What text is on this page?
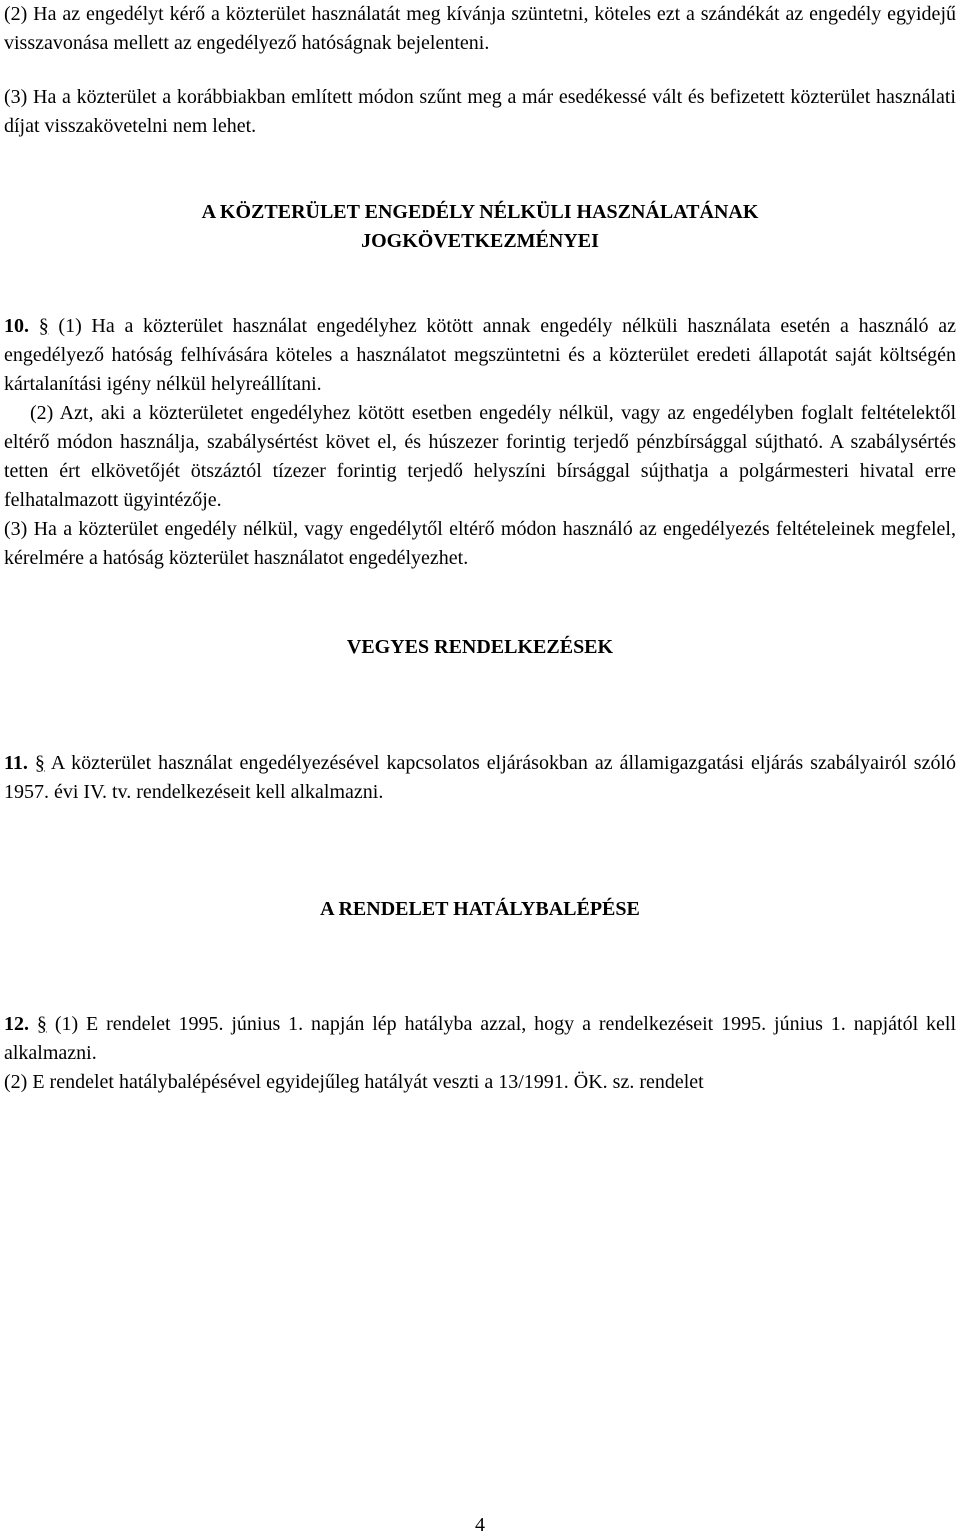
(2) Ha az engedélyt kérő a közterület használatát meg kívánja szüntetni, köteles ezt a szándékát az engedély egyidejű visszavonása mellett az engedélyező hatóságnak bejelenteni.

(3) Ha a közterület a korábbiakban említett módon szűnt meg a már esedékessé vált és befizetett közterület használati díjat visszakövetelni nem lehet.

A KÖZTERÜLET ENGEDÉLY NÉLKÜLI HASZNÁLATÁNAK

JOGKÖVETKEZMÉNYEI

10. § (1) Ha a közterület használat engedélyhez kötött annak engedély nélküli használata esetén a használó az engedélyező hatóság felhívására köteles a használatot megszüntetni és a közterület eredeti állapotát saját költségén kártalanítási igény nélkül helyreállítani.

(2) Azt, aki a közterületet engedélyhez kötött esetben engedély nélkül, vagy az engedélyben foglalt feltételektől eltérő módon használja, szabálysértést követ el, és húszezer forintig terjedő pénzbírsággal sújtható. A szabálysértés tetten ért elkövetőjét ötszáztól tízezer forintig terjedő helyszíni bírsággal sújthatja a polgármesteri hivatal erre felhatalmazott ügyintézője.

(3) Ha a közterület engedély nélkül, vagy engedélytől eltérő módon használó az engedélyezés feltételeinek megfelel, kérelmére a hatóság közterület használatot engedélyezhet.

VEGYES RENDELKEZÉSEK

11. § A közterület használat engedélyezésével kapcsolatos eljárásokban az államigazgatási eljárás szabályairól szóló 1957. évi IV. tv. rendelkezéseit kell alkalmazni.

A RENDELET HATÁLYBALÉPÉSE

12. § (1) E rendelet 1995. június 1. napján lép hatályba azzal, hogy a rendelkezéseit 1995. június 1. napjától kell alkalmazni.

(2) E rendelet hatálybalépésével egyidejűleg hatályát veszti a 13/1991. ÖK. sz. rendelet

4
